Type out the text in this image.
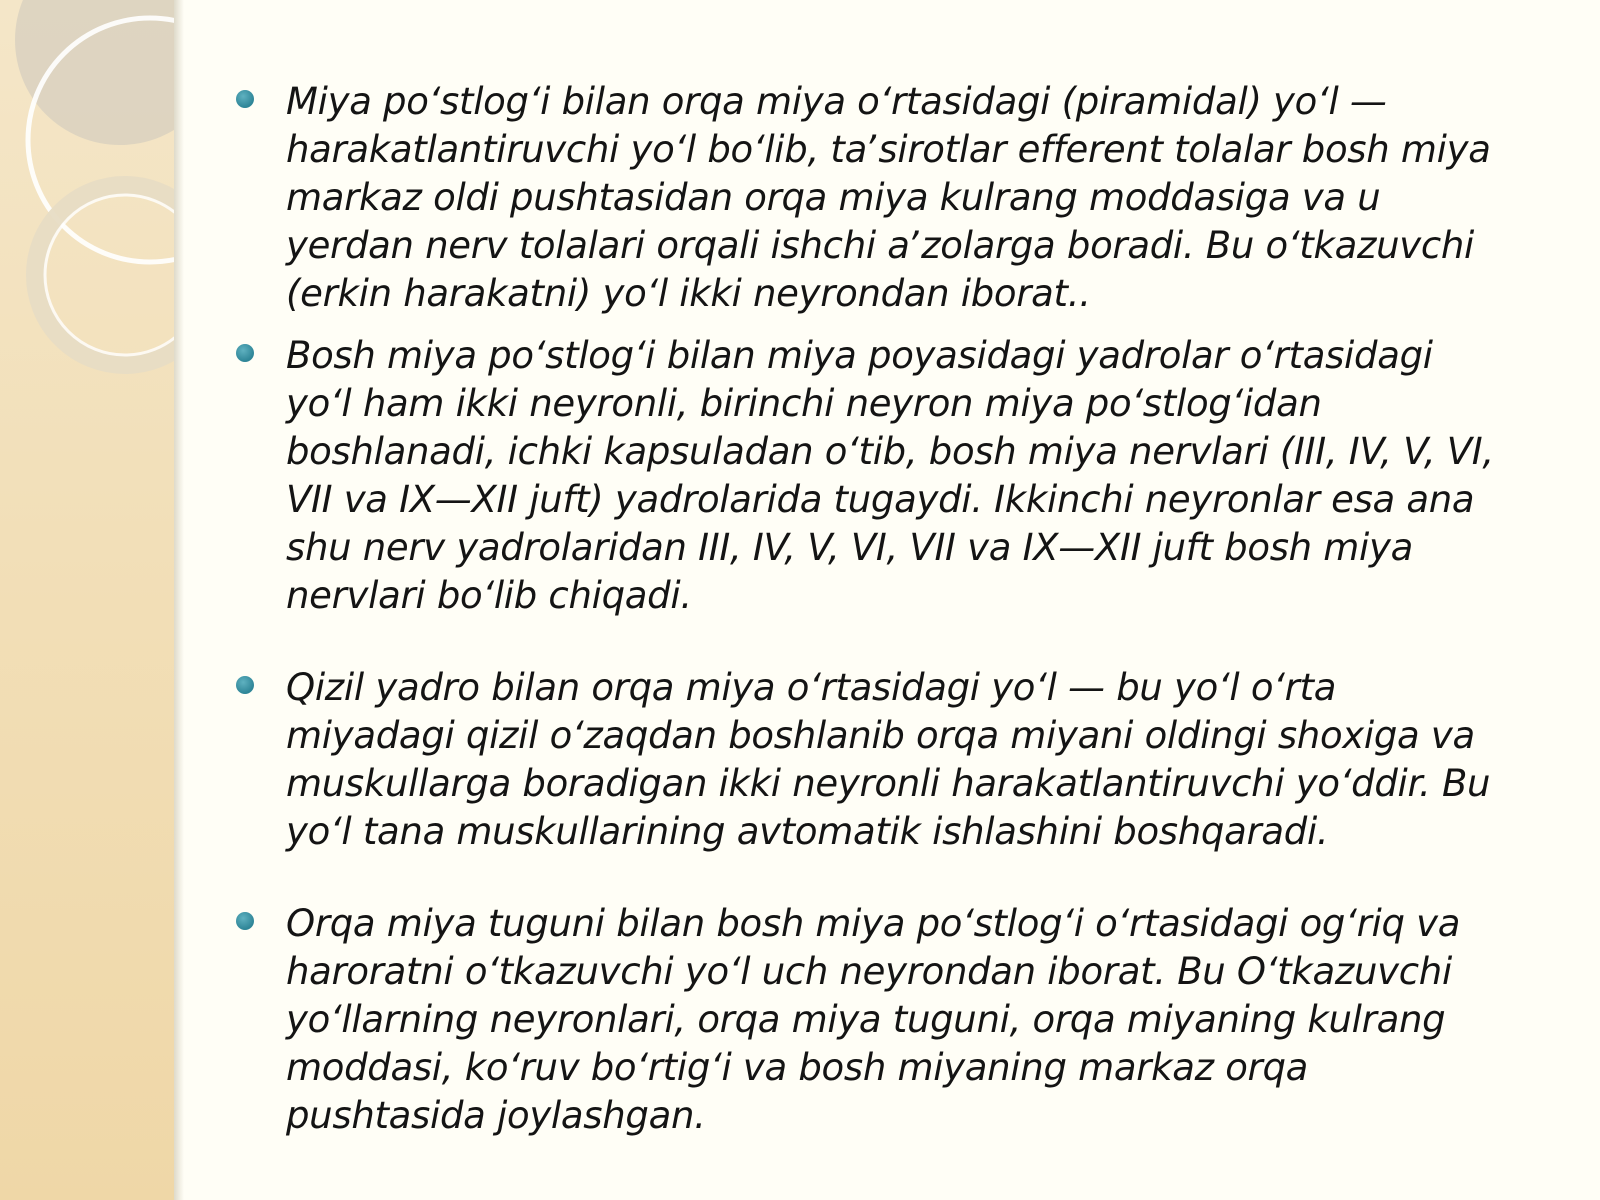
Miya poʻstlogʻi bilan orqa miya oʻrtasidagi (piramidal) yoʻl — harakatlantiruvchi yoʻl boʻlib, taʼsirotlar efferent tolalar bosh miya markaz oldi pushtasidan orqa miya kulrang moddasiga va u yerdan nerv tolalari orqali ishchi aʼzolarga boradi. Bu oʻtkazuvchi (erkin harakatni) yoʻl ikki neyrondan iborat..
Bosh miya poʻstlogʻi bilan miya poyasidagi yadrolar oʻrtasidagi yoʻl ham ikki neyronli, birinchi neyron miya poʻstlogʻidan boshlanadi, ichki kapsuladan oʻtib, bosh miya nervlari (III, IV, V, VI, VII va IX—XII juft) yadrolarida tugaydi. Ikkinchi neyronlar esa ana shu nerv yadrolaridan III, IV, V, VI, VII va IX—XII juft bosh miya nervlari boʻlib chiqadi.
Qizil yadro bilan orqa miya oʻrtasidagi yoʻl — bu yoʻl oʻrta miyadagi qizil oʻzaqdan boshlanib orqa miyani oldingi shoxiga va muskullarga boradigan ikki neyronli harakatlantiruvchi yoʻddir. Bu yoʻl tana muskullarining avtomatik ishlashini boshqaradi.
Orqa miya tuguni bilan bosh miya poʻstlogʻi oʻrtasidagi ogʻriq va haroratni oʻtkazuvchi yoʻl uch neyrondan iborat. Bu Oʻtkazuvchi yoʻllarning neyronlari, orqa miya tuguni, orqa miyaning kulrang moddasi, koʻruv boʻrtigʻi va bosh miyaning markaz orqa pushtasida joylashgan.
